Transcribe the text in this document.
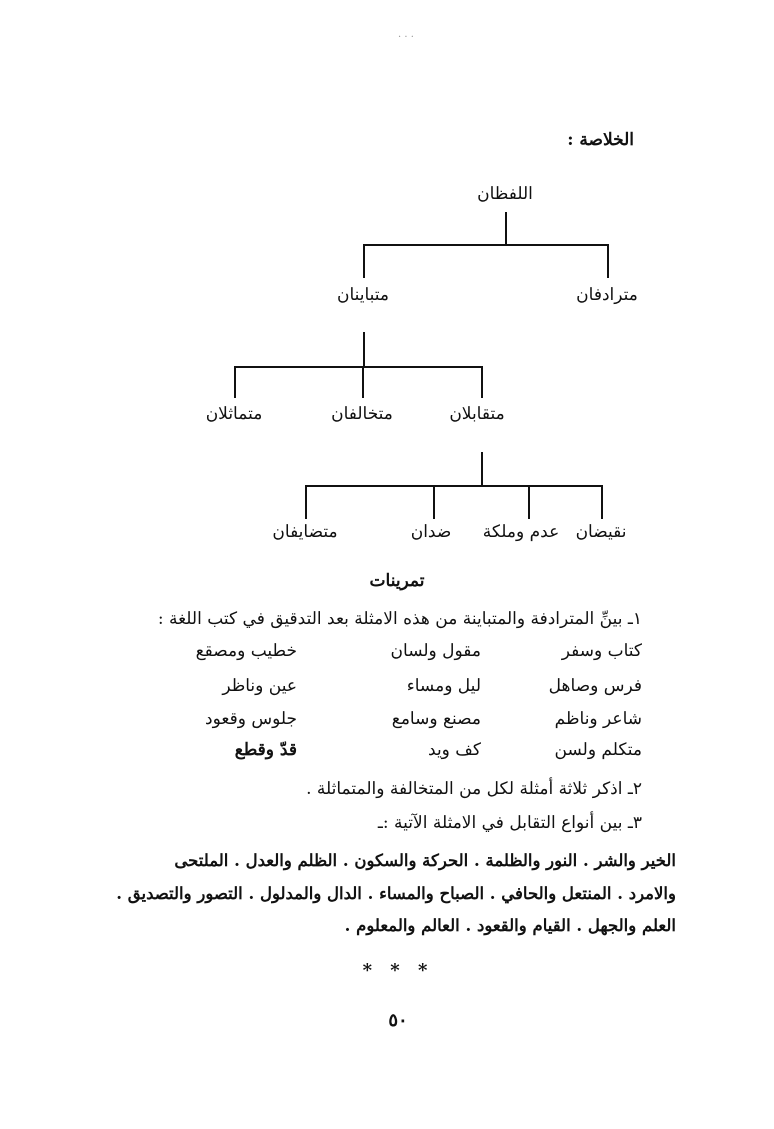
· · ·
الخلاصة :
اللفظان
مترادفان
متباينان
متقابلان
متخالفان
متماثلان
نقيضان
عدم وملكة
ضدان
متضايفان
تمرينات
١ـ بينِّ المترادفة والمتباينة من هذه الامثلة بعد التدقيق في كتب اللغة :
كتاب وسفر
مقول ولسان
خطيب ومصقع
فرس وصاهل
ليل ومساء
عين وناظر
شاعر وناظم
مصنع وسامع
جلوس وقعود
متكلم ولسن
كف ويد
قدّ وقطع
٢ـ اذكر ثلاثة أمثلة لكل من المتخالفة والمتماثلة .
٣ـ بين أنواع التقابل في الامثلة الآتية :ـ
الخير والشر . النور والظلمة . الحركة والسكون . الظلم والعدل . الملتحى
والامرد . المنتعل والحافي . الصباح والمساء . الدال والمدلول . التصور والتصديق .
العلم والجهل . القيام والقعود . العالم والمعلوم .
* * *
٥٠
